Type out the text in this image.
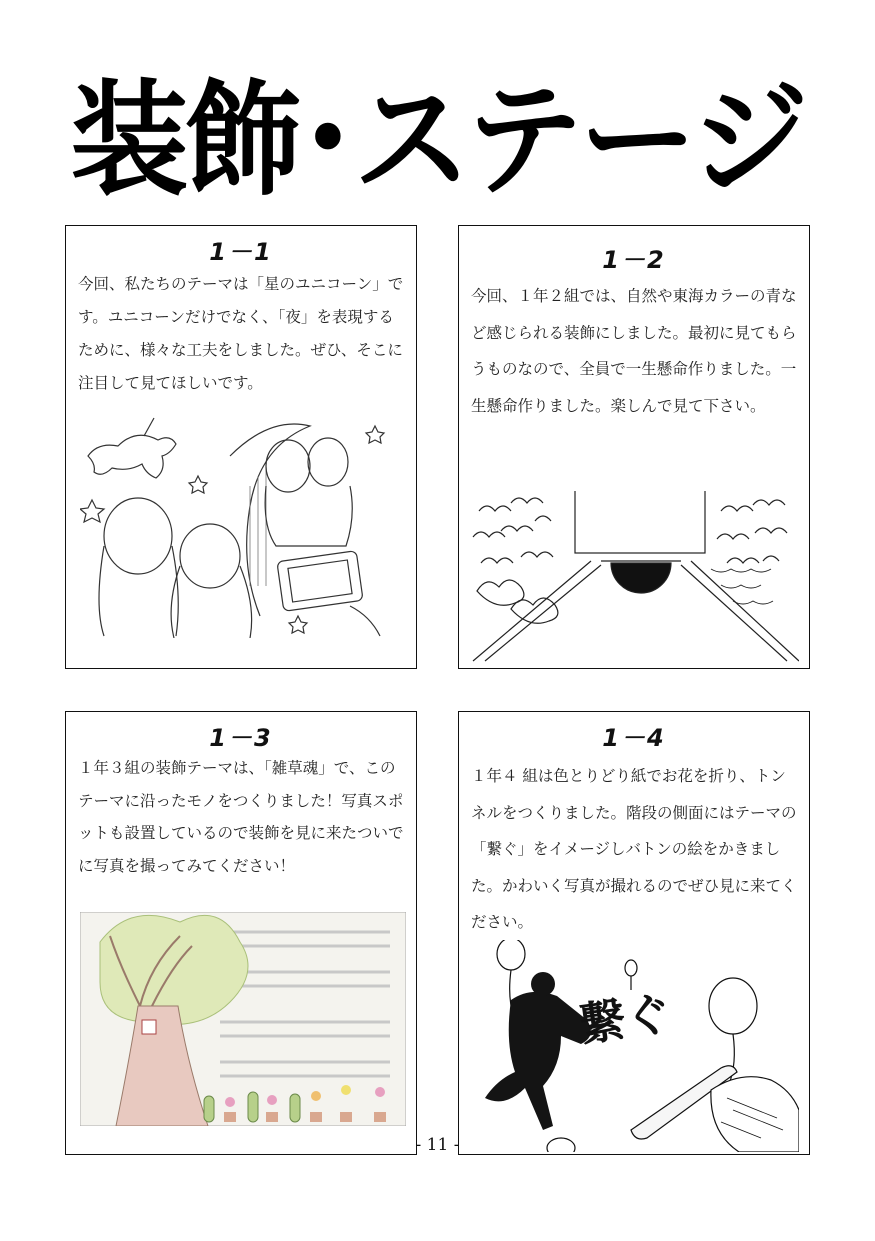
装飾･ステージ
1－1
今回、私たちのテーマは「星のユニコーン」です。ユニコーンだけでなく、「夜」を表現するために、様々な工夫をしました。ぜひ、そこに注目して見てほしいです。
1－2
今回、１年２組では、自然や東海カラーの青など感じられる装飾にしました。最初に見てもらうものなので、全員で一生懸命作りました。一生懸命作りました。楽しんで見て下さい。
1－3
１年３組の装飾テーマは、「雑草魂」で、このテーマに沿ったモノをつくりました！写真スポットも設置しているので装飾を見に来たついでに写真を撮ってみてください！
1－4
１年４ 組は色とりどり紙でお花を折り、トンネルをつくりました。階段の側面にはテーマの「繋ぐ」をイメージしバトンの絵をかきました。かわいく写真が撮れるのでぜひ見に来てください。
繋ぐ
- 11 -
